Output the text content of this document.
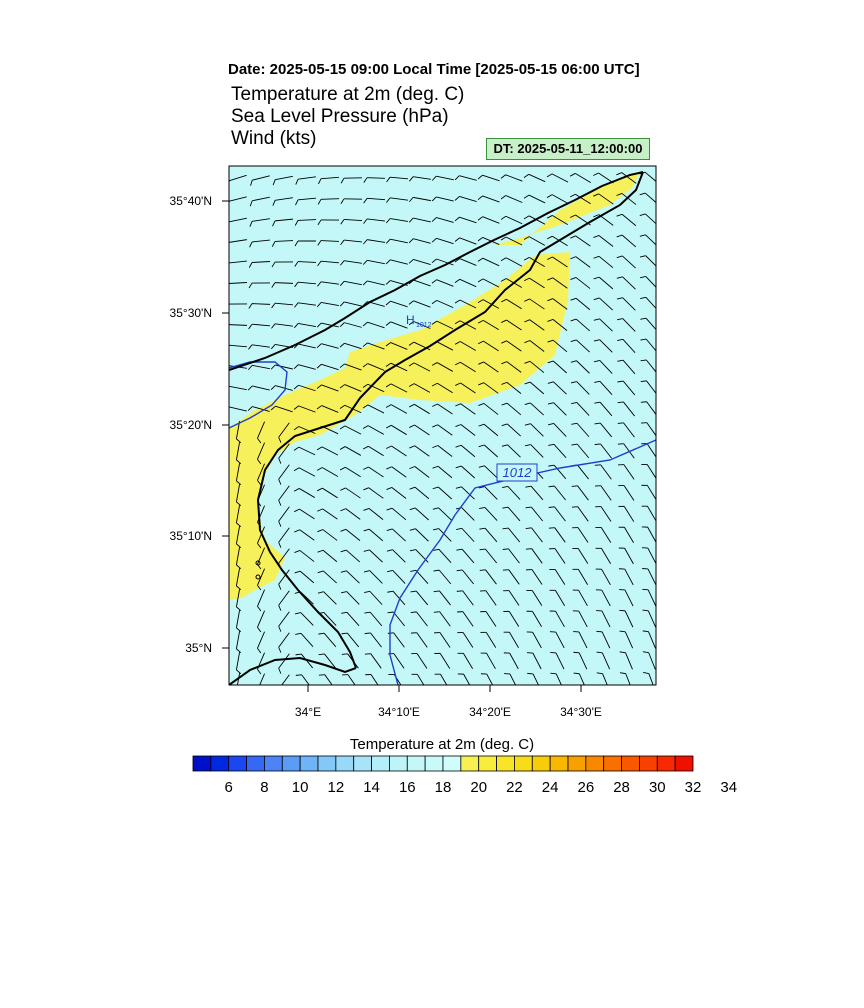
Date: 2025-05-15 09:00 Local Time [2025-05-15 06:00 UTC]
Temperature at 2m (deg. C)
Sea Level Pressure (hPa)
Wind (kts)	DT: 2025-05-11_12:00:00
1012
H 1012
35°40'N
35°30'N
35°20'N
35°10'N
35°N
34°E	34°10'E	34°20'E	34°30'E
Temperature at 2m (deg. C)
6	8	10	12	14	16	18	20	22	24	26	28	30	32	34
